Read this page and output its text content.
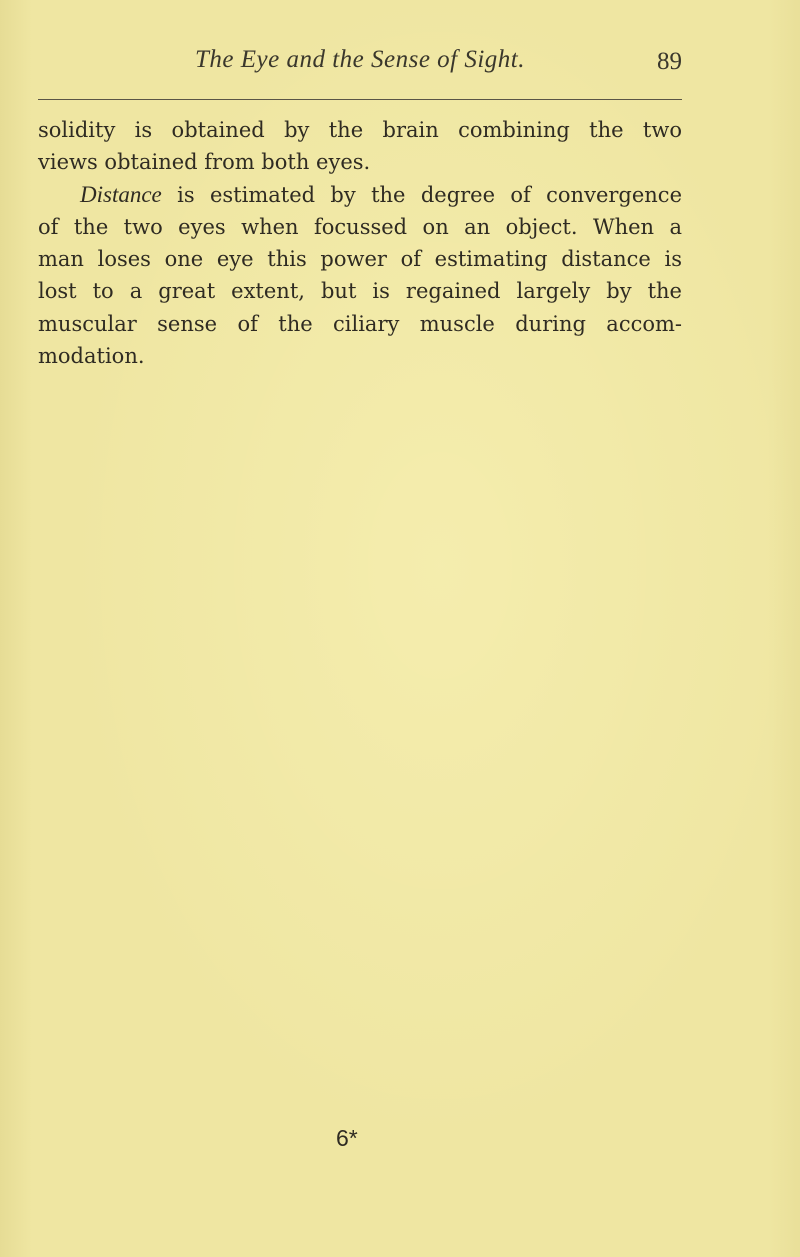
The Eye and the Sense of Sight.	89
solidity is obtained by the brain combining the two
views obtained from both eyes.
Distance is estimated by the degree of convergence
of the two eyes when focussed on an object. When a
man loses one eye this power of estimating distance is
lost to a great extent, but is regained largely by the
muscular sense of the ciliary muscle during accom-
modation.
6*
